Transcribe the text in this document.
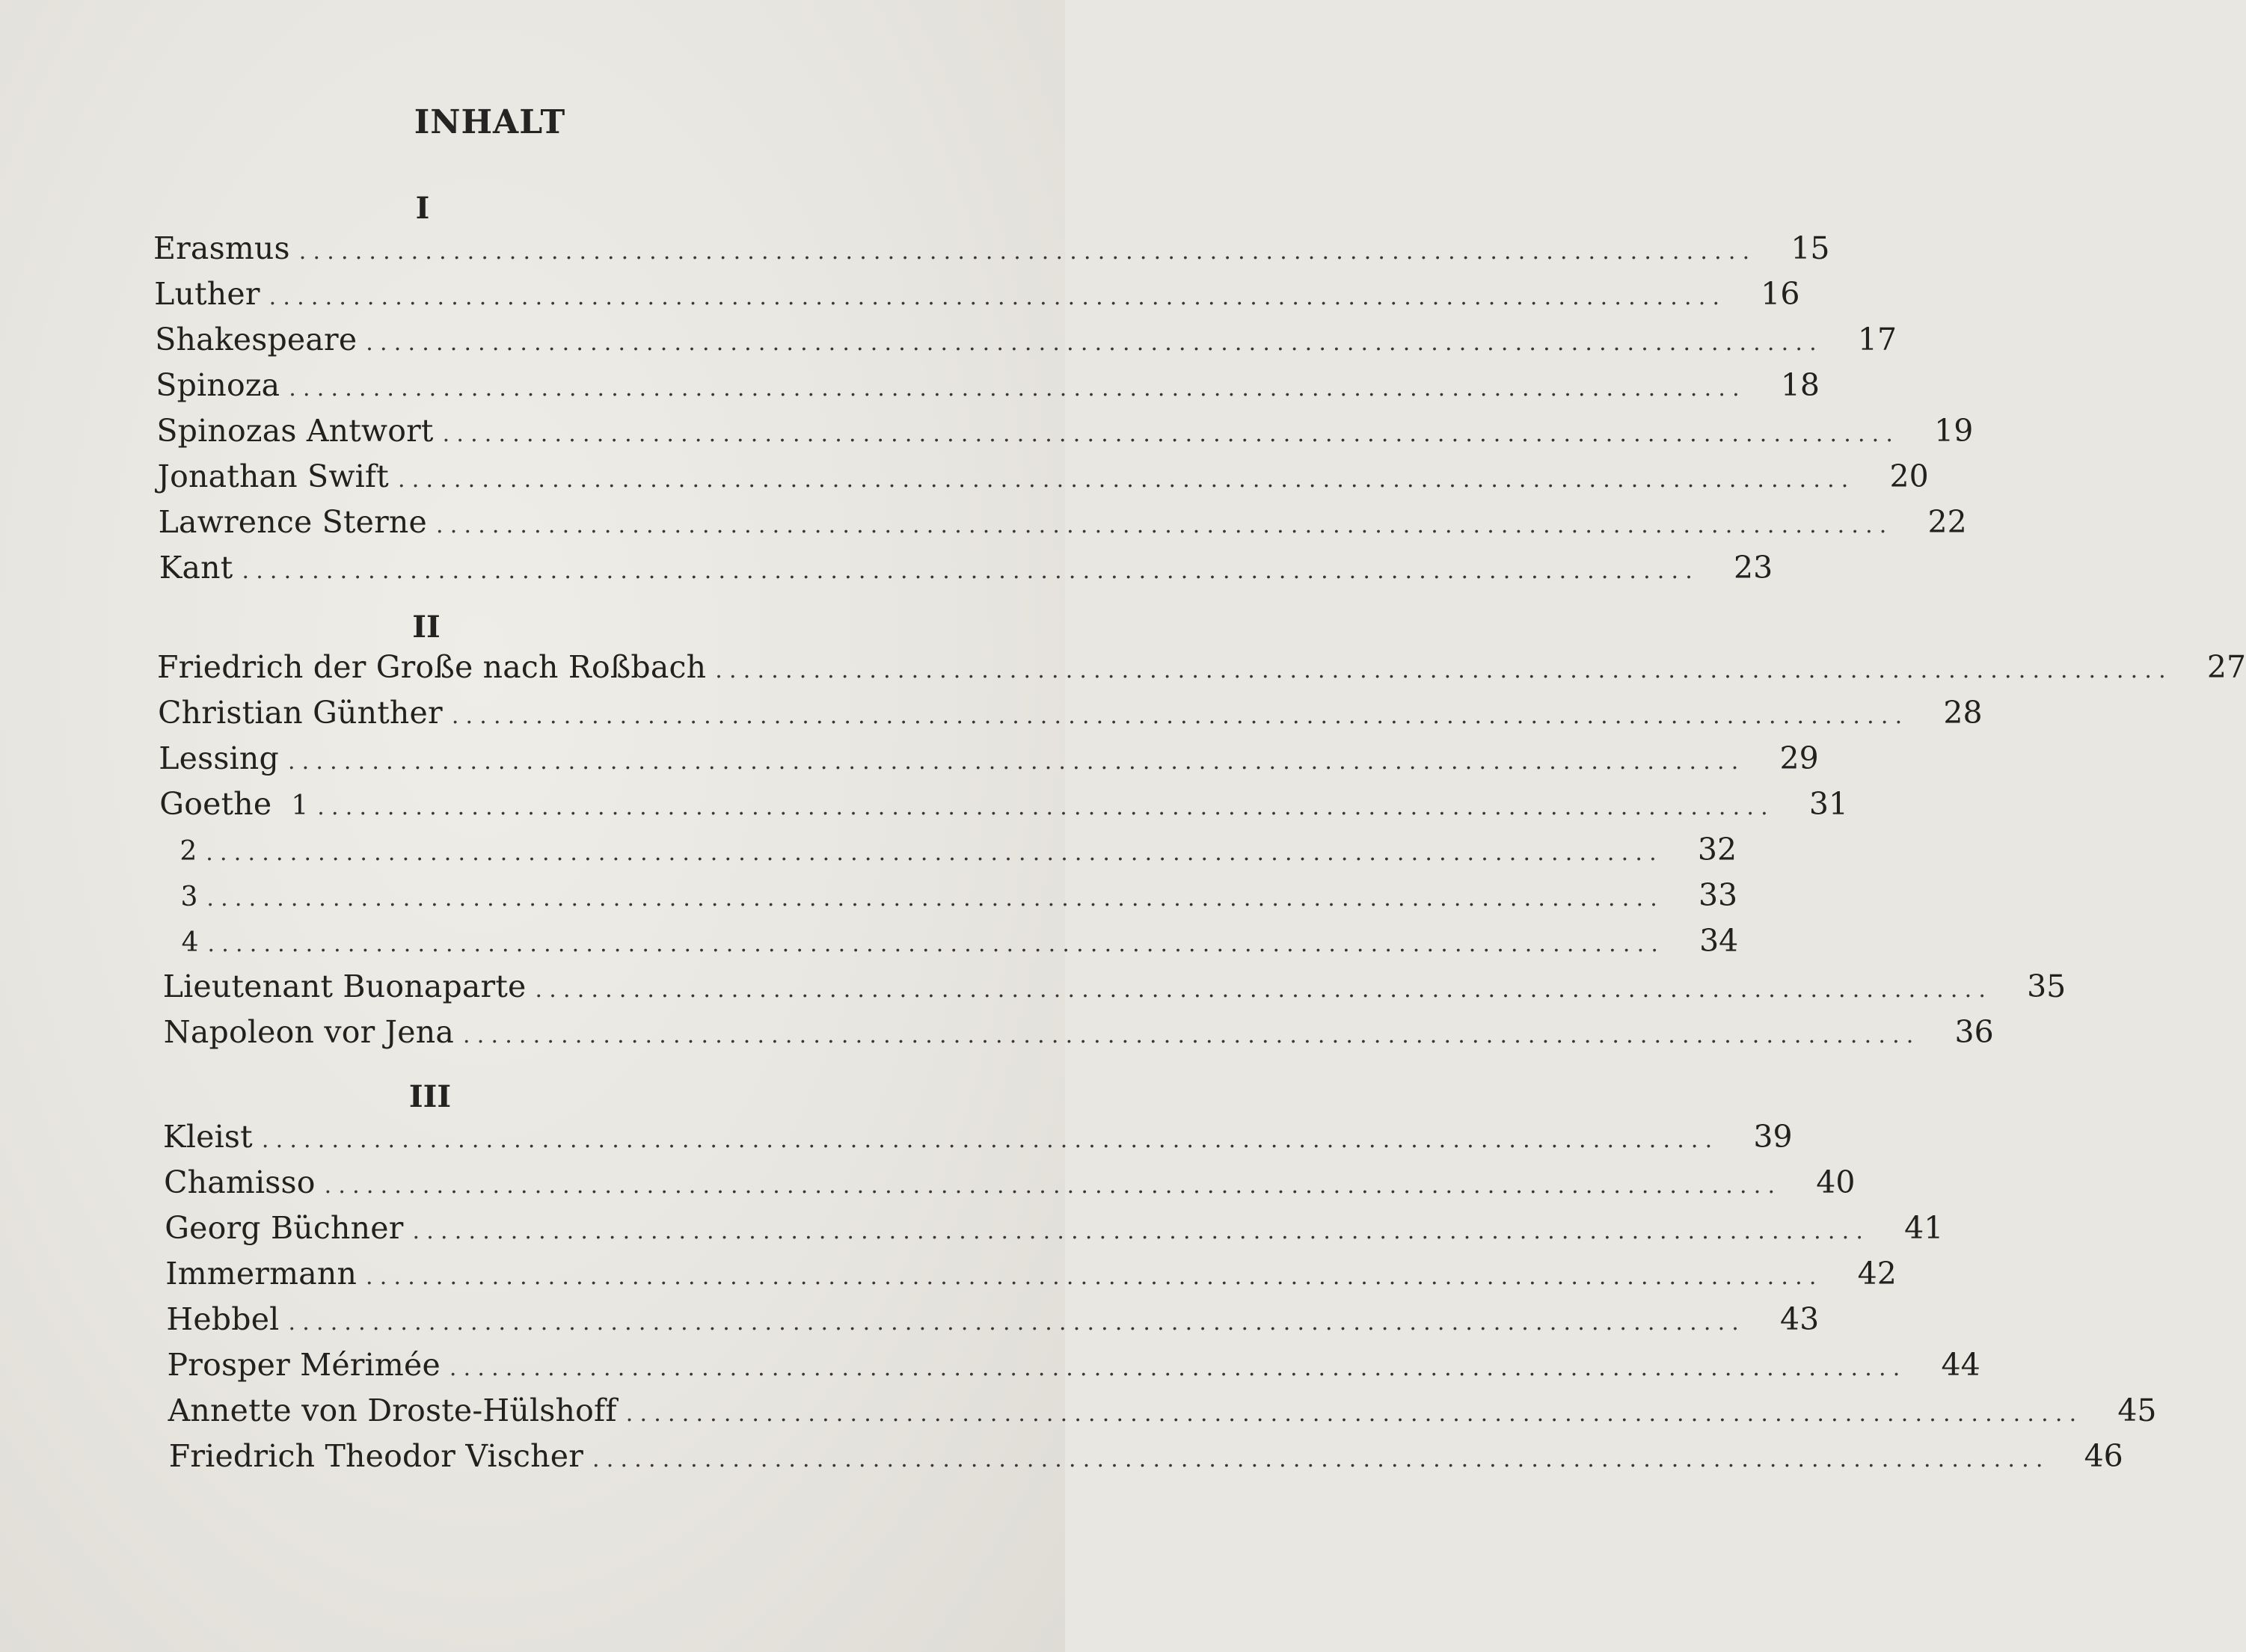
INHALT
I
Erasmus ........................................................................................................ 15
Luther ........................................................................................................ 16
Shakespeare ........................................................................................................ 17
Spinoza ........................................................................................................ 18
Spinozas Antwort ........................................................................................................ 19
Jonathan Swift ........................................................................................................ 20
Lawrence Sterne ........................................................................................................ 22
Kant ........................................................................................................ 23
II
Friedrich der Große nach Roßbach ........................................................................................................ 27
Christian Günther ........................................................................................................ 28
Lessing ........................................................................................................ 29
Goethe 1 ........................................................................................................ 31
2 ........................................................................................................ 32
3 ........................................................................................................ 33
4 ........................................................................................................ 34
Lieutenant Buonaparte ........................................................................................................ 35
Napoleon vor Jena ........................................................................................................ 36
III
Kleist ........................................................................................................ 39
Chamisso ........................................................................................................ 40
Georg Büchner ........................................................................................................ 41
Immermann ........................................................................................................ 42
Hebbel ........................................................................................................ 43
Prosper Mérimée ........................................................................................................ 44
Annette von Droste-Hülshoff ........................................................................................................ 45
Friedrich Theodor Vischer ........................................................................................................ 46
